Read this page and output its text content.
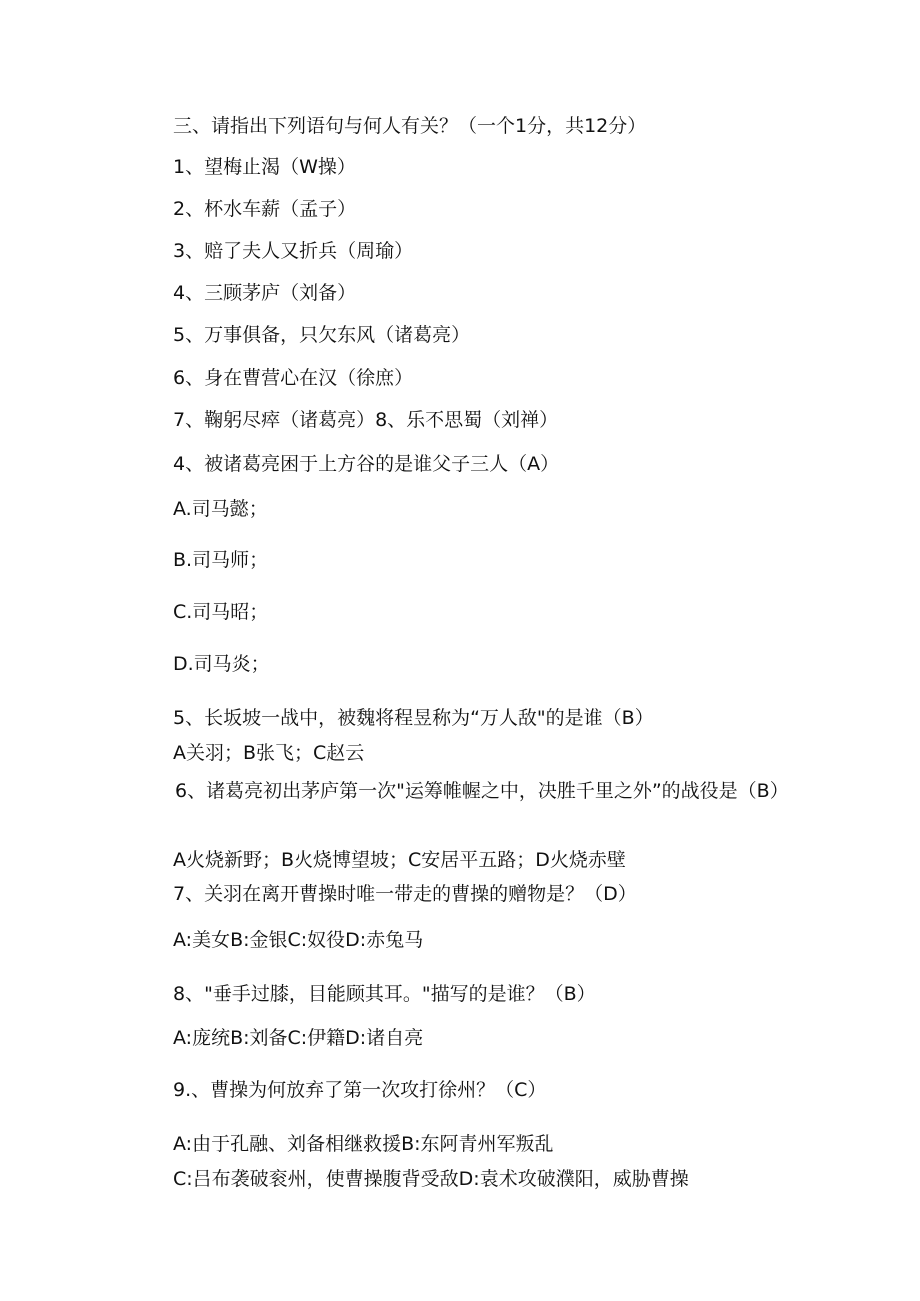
三、请指出下列语句与何人有关？（一个1分，共12分）
1、望梅止渴（W操）
2、杯水车薪（孟子）
3、赔了夫人又折兵（周瑜）
4、三顾茅庐（刘备）
5、万事俱备，只欠东风（诸葛亮）
6、身在曹营心在汉（徐庶）
7、鞠躬尽瘁（诸葛亮）8、乐不思蜀（刘禅）
4、被诸葛亮困于上方谷的是谁父子三人（A）
A.司马懿；
B.司马师；
C.司马昭；
D.司马炎；
5、长坂坡一战中，被魏将程昱称为“万人敌"的是谁（B）
A关羽；B张飞；C赵云
6、诸葛亮初出茅庐第一次"运筹帷幄之中，决胜千里之外”的战役是（B）
A火烧新野；B火烧博望坡；C安居平五路；D火烧赤壁
7、关羽在离开曹操时唯一带走的曹操的赠物是？（D）
A:美女B:金银C:奴役D:赤兔马
8、"垂手过膝，目能顾其耳。"描写的是谁？（B）
A:庞统B:刘备C:伊籍D:诸自亮
9.、曹操为何放弃了第一次攻打徐州？（C）
A:由于孔融、刘备相继救援B:东阿青州军叛乱
C:吕布袭破衮州，使曹操腹背受敌D:袁术攻破濮阳，威胁曹操
